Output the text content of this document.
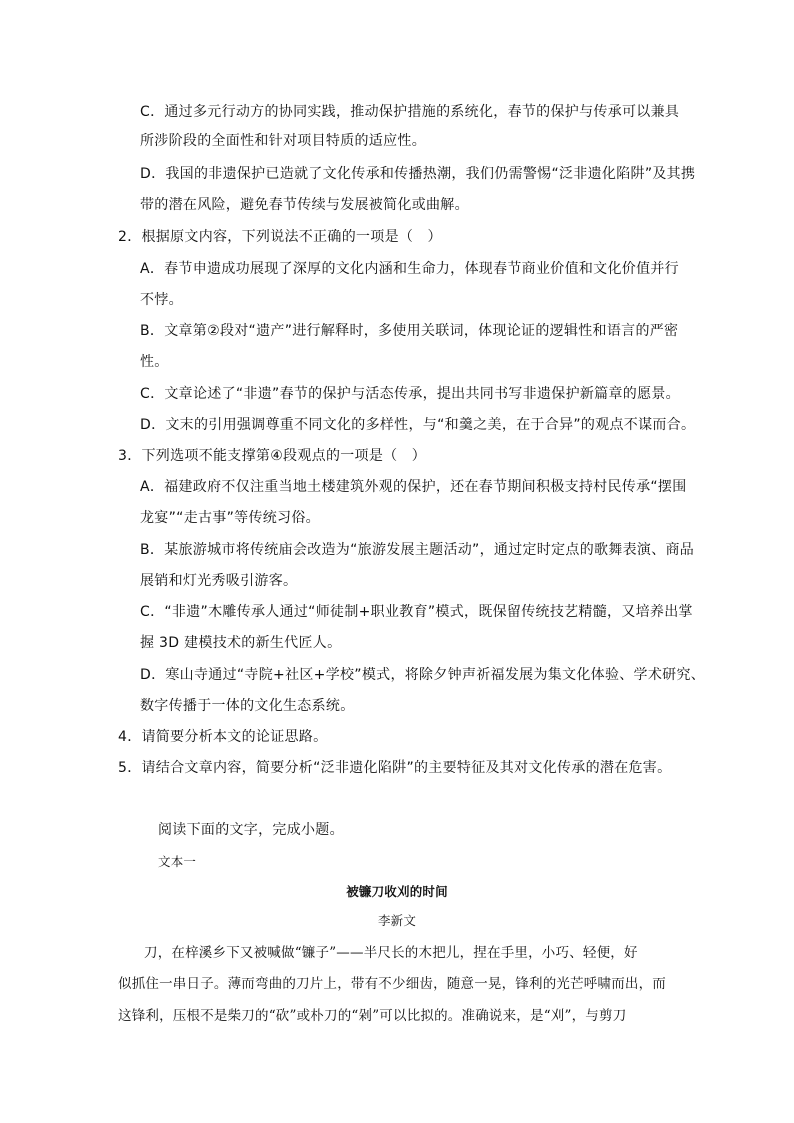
C．通过多元行动方的协同实践，推动保护措施的系统化，春节的保护与传承可以兼具
所涉阶段的全面性和针对项目特质的适应性。
D．我国的非遗保护已造就了文化传承和传播热潮，我们仍需警惕“泛非遗化陷阱”及其携
带的潜在风险，避免春节传续与发展被简化或曲解。
2．根据原文内容，下列说法不正确的一项是（　）
A．春节申遗成功展现了深厚的文化内涵和生命力，体现春节商业价值和文化价值并行
不悖。
B．文章第②段对“遗产”进行解释时，多使用关联词，体现论证的逻辑性和语言的严密
性。
C．文章论述了“非遗”春节的保护与活态传承，提出共同书写非遗保护新篇章的愿景。
D．文末的引用强调尊重不同文化的多样性，与“和羹之美，在于合异”的观点不谋而合。
3．下列选项不能支撑第④段观点的一项是（　）
A．福建政府不仅注重当地土楼建筑外观的保护，还在春节期间积极支持村民传承“摆围
龙宴”“走古事”等传统习俗。
B．某旅游城市将传统庙会改造为“旅游发展主题活动”，通过定时定点的歌舞表演、商品
展销和灯光秀吸引游客。
C．“非遗”木雕传承人通过“师徒制+职业教育”模式，既保留传统技艺精髓，又培养出掌
握 3D 建模技术的新生代匠人。
D．寒山寺通过“寺院+社区+学校”模式，将除夕钟声祈福发展为集文化体验、学术研究、
数字传播于一体的文化生态系统。
4．请简要分析本文的论证思路。
5．请结合文章内容，简要分析“泛非遗化陷阱”的主要特征及其对文化传承的潜在危害。
阅读下面的文字，完成小题。
文本一
被镰刀收刈的时间
李新文
刀，在梓溪乡下又被喊做“镰子”——半尺长的木把儿，捏在手里，小巧、轻便，好
似抓住一串日子。薄而弯曲的刀片上，带有不少细齿，随意一晃，锋利的光芒呼啸而出，而
这锋利，压根不是柴刀的“砍”或朴刀的“剁”可以比拟的。准确说来，是“刈”，与剪刀
